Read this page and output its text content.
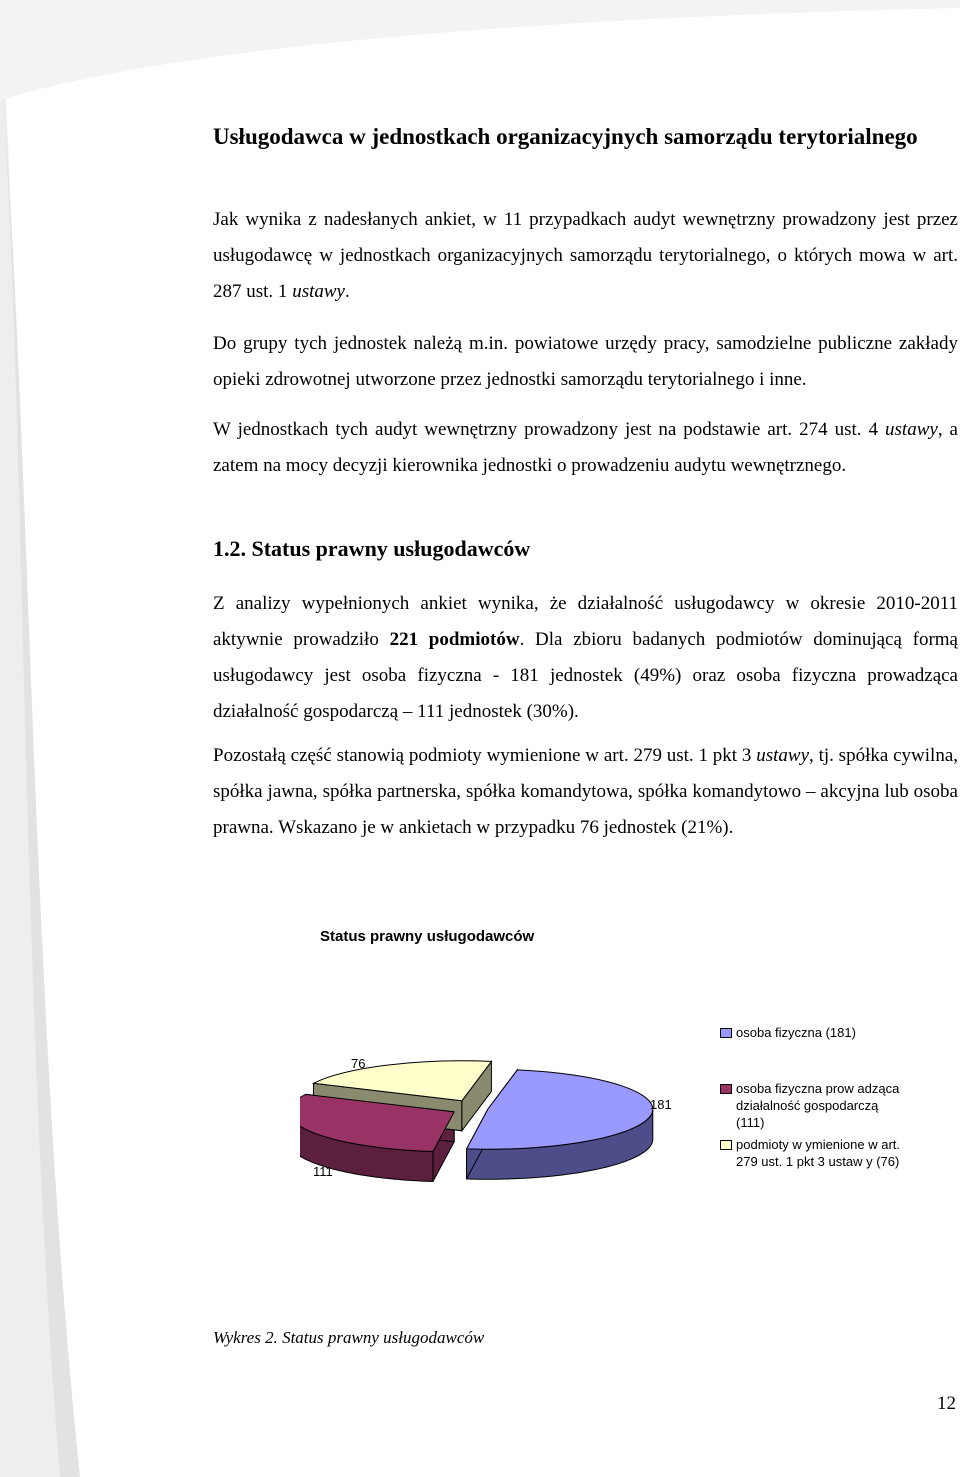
Usługodawca w jednostkach organizacyjnych samorządu terytorialnego

Jak wynika z nadesłanych ankiet, w 11 przypadkach audyt wewnętrzny prowadzony jest przez usługodawcę w jednostkach organizacyjnych samorządu terytorialnego, o których mowa w art. 287 ust. 1 ustawy.

Do grupy tych jednostek należą m.in. powiatowe urzędy pracy, samodzielne publiczne zakłady opieki zdrowotnej utworzone przez jednostki samorządu terytorialnego i inne.

W jednostkach tych audyt wewnętrzny prowadzony jest na podstawie art. 274 ust. 4 ustawy, a zatem na mocy decyzji kierownika jednostki o prowadzeniu audytu wewnętrznego.

1.2. Status prawny usługodawców

Z analizy wypełnionych ankiet wynika, że działalność usługodawcy w okresie 2010-2011 aktywnie prowadziło 221 podmiotów. Dla zbioru badanych podmiotów dominującą formą usługodawcy jest osoba fizyczna - 181 jednostek (49%) oraz osoba fizyczna prowadząca działalność gospodarczą – 111 jednostek (30%).

Pozostałą część stanowią podmioty wymienione w art. 279 ust. 1 pkt 3 ustawy, tj. spółka cywilna, spółka jawna, spółka partnerska, spółka komandytowa, spółka komandytowo – akcyjna lub osoba prawna. Wskazano je w ankietach w przypadku 76 jednostek (21%).

Status prawny usługodawców
76
181
111
osoba fizyczna (181)
osoba fizyczna prow adząca
działalność gospodarczą
(111)
podmioty w ymienione w art.
279 ust. 1 pkt 3 ustaw y (76)
Wykres 2. Status prawny usługodawców
12
